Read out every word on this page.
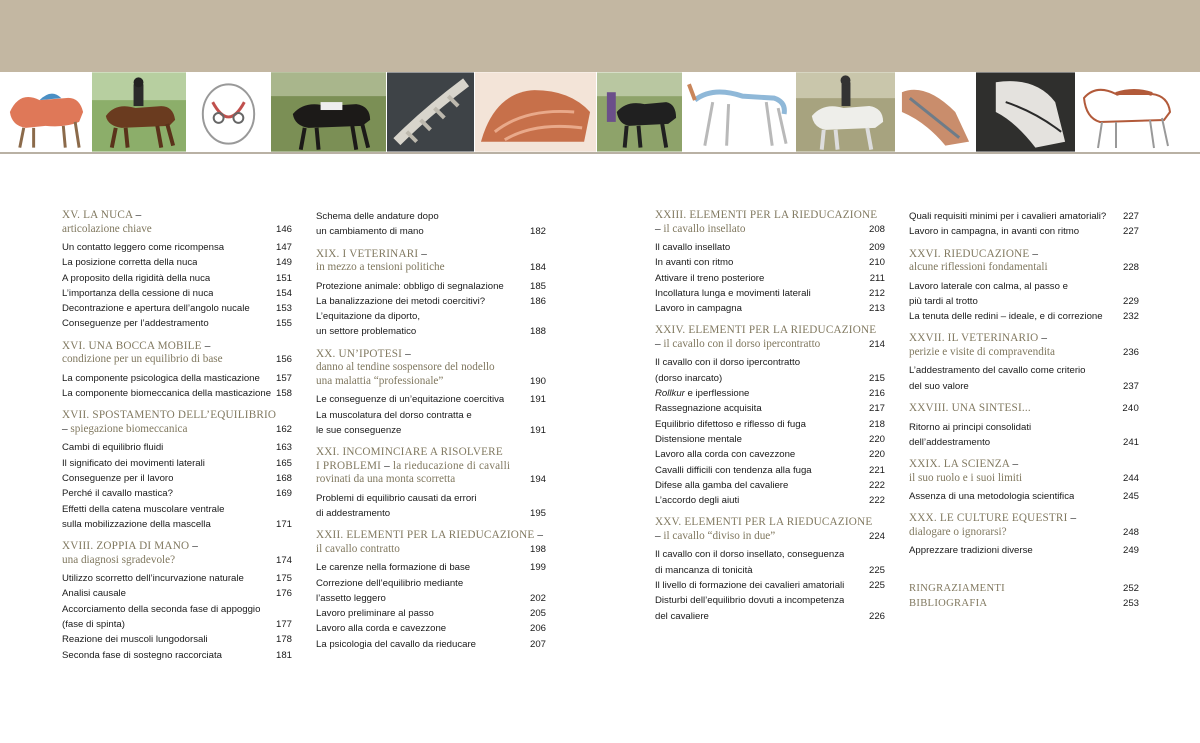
XV. LA NUCA –
articolazione chiave	146
Un contatto leggero come ricompensa	147
La posizione corretta della nuca	149
A proposito della rigidità della nuca	151
L’importanza della cessione di nuca	154
Decontrazione e apertura dell’angolo nucale	153
Conseguenze per l’addestramento	155
XVI. UNA BOCCA MOBILE –
condizione per un equilibrio di base	156
La componente psicologica della masticazione 157
La componente biomeccanica della masticazione 158
XVII. SPOSTAMENTO DELL’EQUILIBRIO
– spiegazione biomeccanica	162
Cambi di equilibrio fluidi	163
Il significato dei movimenti laterali	165
Conseguenze per il lavoro	168
Perché il cavallo mastica?	169
Effetti della catena muscolare ventrale
sulla mobilizzazione della mascella	171
XVIII. ZOPPIA DI MANO –
una diagnosi sgradevole?	174
Utilizzo scorretto dell’incurvazione naturale	175
Analisi causale	176
Accorciamento della seconda fase di appoggio
(fase di spinta)	177
Reazione dei muscoli lungodorsali	178
Seconda fase di sostegno raccorciata	181
Schema delle andature dopo
un cambiamento di mano	182
XIX. I VETERINARI –
in mezzo a tensioni politiche	184
Protezione animale: obbligo di segnalazione	185
La banalizzazione dei metodi coercitivi?	186
L’equitazione da diporto,
un settore problematico	188
XX. UN’IPOTESI –
danno al tendine sospensore del nodello
una malattia “professionale”	190
Le conseguenze di un’equitazione coercitiva	191
La muscolatura del dorso contratta e
le sue conseguenze	191
XXI. INCOMINCIARE A RISOLVERE
I PROBLEMI – la rieducazione di cavalli
rovinati da una monta scorretta	194
Problemi di equilibrio causati da errori
di addestramento	195
XXII. ELEMENTI PER LA RIEDUCAZIONE –
il cavallo contratto	198
Le carenze nella formazione di base	199
Correzione dell’equilibrio mediante
l’assetto leggero	202
Lavoro preliminare al passo	205
Lavoro alla corda e cavezzone	206
La psicologia del cavallo da rieducare	207
XXIII. ELEMENTI PER LA RIEDUCAZIONE
– il cavallo insellato	208
Il cavallo insellato	209
In avanti con ritmo	210
Attivare il treno posteriore	211
Incollatura lunga e movimenti laterali	212
Lavoro in campagna	213
XXIV. ELEMENTI PER LA RIEDUCAZIONE
– il cavallo con il dorso ipercontratto	214
Il cavallo con il dorso ipercontratto
(dorso inarcato)	215
Rollkur e iperflessione	216
Rassegnazione acquisita	217
Equilibrio difettoso e riflesso di fuga	218
Distensione mentale	220
Lavoro alla corda con cavezzone	220
Cavalli difficili con tendenza alla fuga	221
Difese alla gamba del cavaliere	222
L’accordo degli aiuti	222
XXV. ELEMENTI PER LA RIEDUCAZIONE
– il cavallo “diviso in due”	224
Il cavallo con il dorso insellato, conseguenza
di mancanza di tonicità	225
Il livello di formazione dei cavalieri amatoriali	225
Disturbi dell’equilibrio dovuti a incompetenza
del cavaliere	226
Quali requisiti minimi per i cavalieri amatoriali? 227
Lavoro in campagna, in avanti con ritmo	227
XXVI. RIEDUCAZIONE –
alcune riflessioni fondamentali	228
Lavoro laterale con calma, al passo e
più tardi al trotto	229
La tenuta delle redini – ideale, e di correzione 232
XXVII. IL VETERINARIO –
perizie e visite di compravendita	236
L’addestramento del cavallo come criterio
del suo valore	237
XXVIII. UNA SINTESI...	240
Ritorno ai principi consolidati
dell’addestramento	241
XXIX. LA SCIENZA –
il suo ruolo e i suoi limiti	244
Assenza di una metodologia scientifica	245
XXX. LE CULTURE EQUESTRI –
dialogare o ignorarsi?	248
Apprezzare tradizioni diverse	249
RINGRAZIAMENTI	252
BIBLIOGRAFIA	253
